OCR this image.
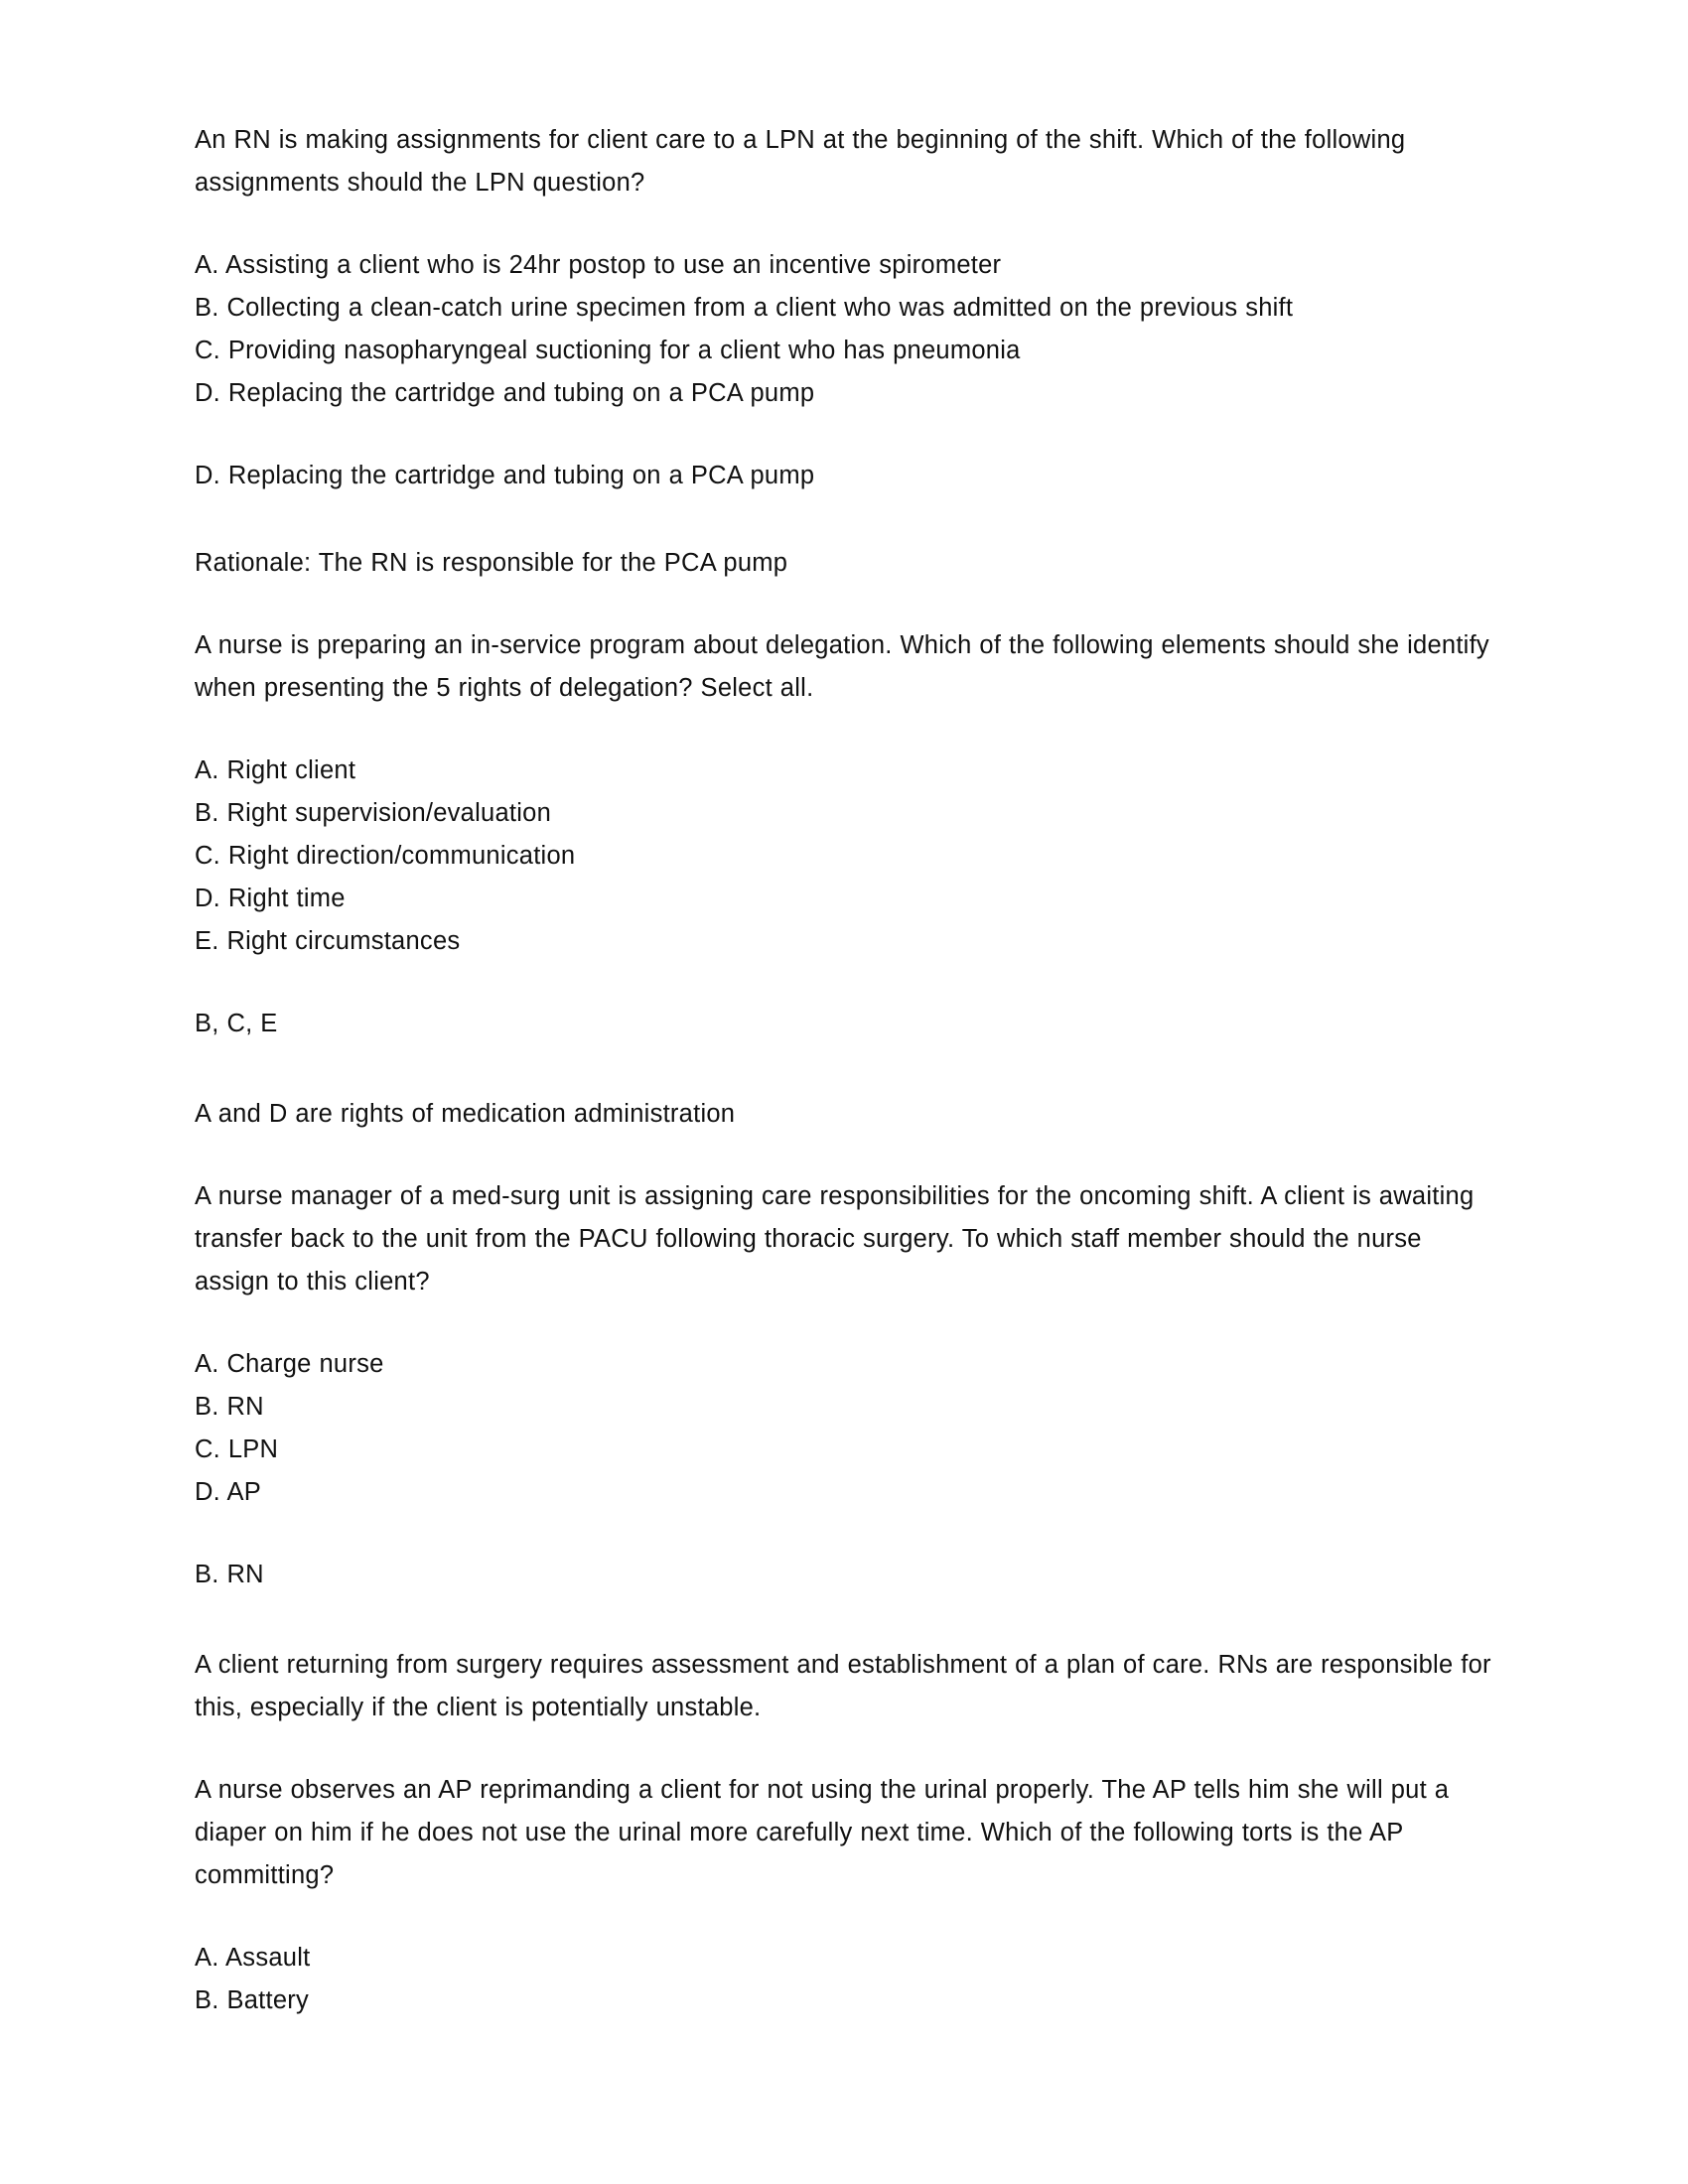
An RN is making assignments for client care to a LPN at the beginning of the shift. Which of the following assignments should the LPN question?

A. Assisting a client who is 24hr postop to use an incentive spirometer
B. Collecting a clean-catch urine specimen from a client who was admitted on the previous shift
C. Providing nasopharyngeal suctioning for a client who has pneumonia
D. Replacing the cartridge and tubing on a PCA pump

D. Replacing the cartridge and tubing on a PCA pump

Rationale: The RN is responsible for the PCA pump

A nurse is preparing an in-service program about delegation. Which of the following elements should she identify when presenting the 5 rights of delegation? Select all.

A. Right client
B. Right supervision/evaluation
C. Right direction/communication
D. Right time
E. Right circumstances

B, C, E

A and D are rights of medication administration

A nurse manager of a med-surg unit is assigning care responsibilities for the oncoming shift. A client is awaiting transfer back to the unit from the PACU following thoracic surgery. To which staff member should the nurse assign to this client?

A. Charge nurse
B. RN
C. LPN
D. AP

B. RN

A client returning from surgery requires assessment and establishment of a plan of care. RNs are responsible for this, especially if the client is potentially unstable.

A nurse observes an AP reprimanding a client for not using the urinal properly. The AP tells him she will put a diaper on him if he does not use the urinal more carefully next time. Which of the following torts is the AP committing?

A. Assault
B. Battery
